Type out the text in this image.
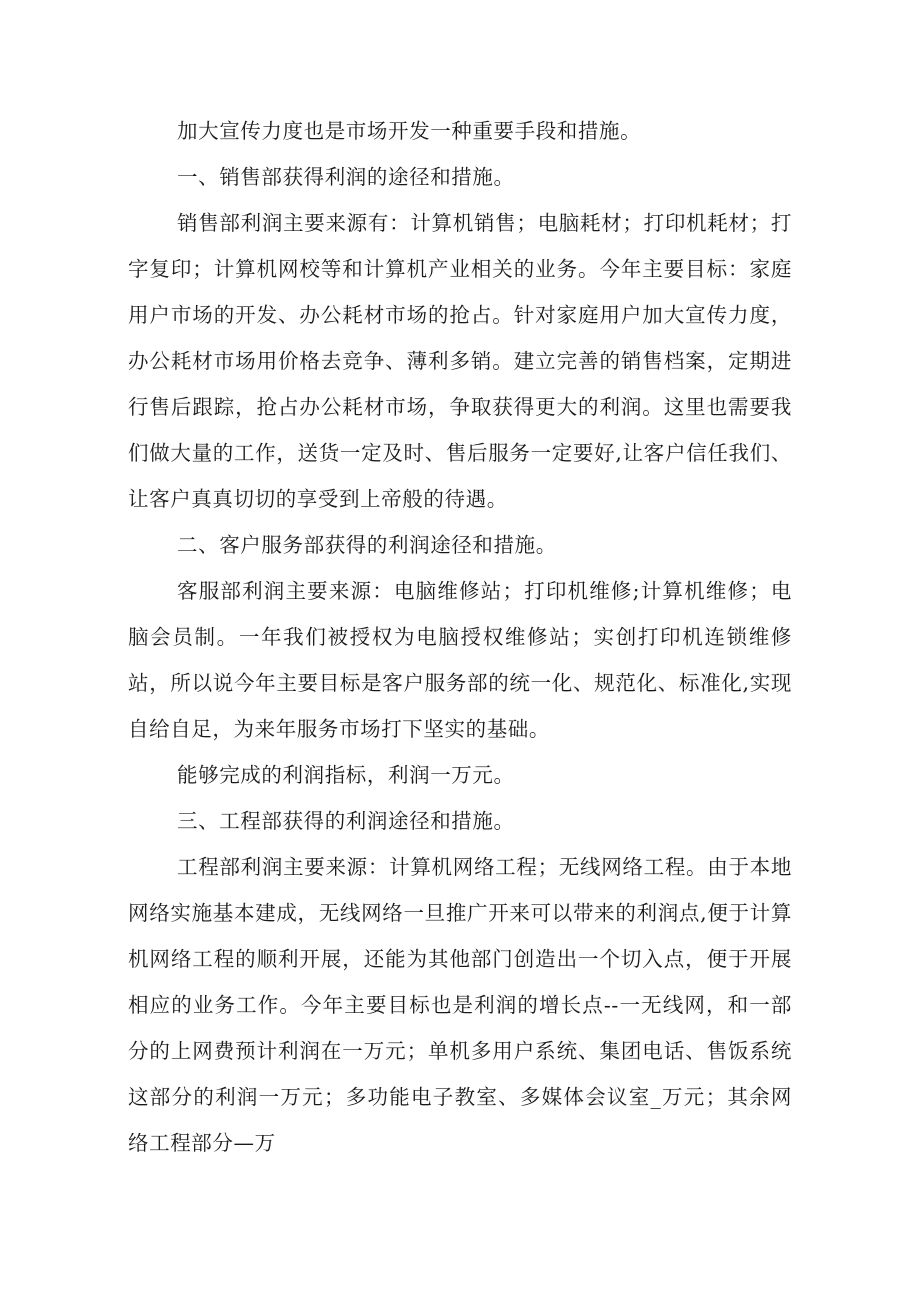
加大宣传力度也是市场开发一种重要手段和措施。

一、销售部获得利润的途径和措施。

销售部利润主要来源有：计算机销售；电脑耗材；打印机耗材；打字复印；计算机网校等和计算机产业相关的业务。今年主要目标：家庭用户市场的开发、办公耗材市场的抢占。针对家庭用户加大宣传力度，办公耗材市场用价格去竞争、薄利多销。建立完善的销售档案，定期进行售后跟踪，抢占办公耗材市场，争取获得更大的利润。这里也需要我们做大量的工作，送货一定及时、售后服务一定要好,让客户信任我们、让客户真真切切的享受到上帝般的待遇。

二、客户服务部获得的利润途径和措施。

客服部利润主要来源：电脑维修站；打印机维修;计算机维修；电脑会员制。一年我们被授权为电脑授权维修站；实创打印机连锁维修站，所以说今年主要目标是客户服务部的统一化、规范化、标准化,实现自给自足，为来年服务市场打下坚实的基础。

能够完成的利润指标，利润一万元。

三、工程部获得的利润途径和措施。

工程部利润主要来源：计算机网络工程；无线网络工程。由于本地网络实施基本建成，无线网络一旦推广开来可以带来的利润点,便于计算机网络工程的顺利开展，还能为其他部门创造出一个切入点，便于开展相应的业务工作。今年主要目标也是利润的增长点--一无线网，和一部分的上网费预计利润在一万元；单机多用户系统、集团电话、售饭系统这部分的利润一万元；多功能电子教室、多媒体会议室_万元；其余网络工程部分—万
